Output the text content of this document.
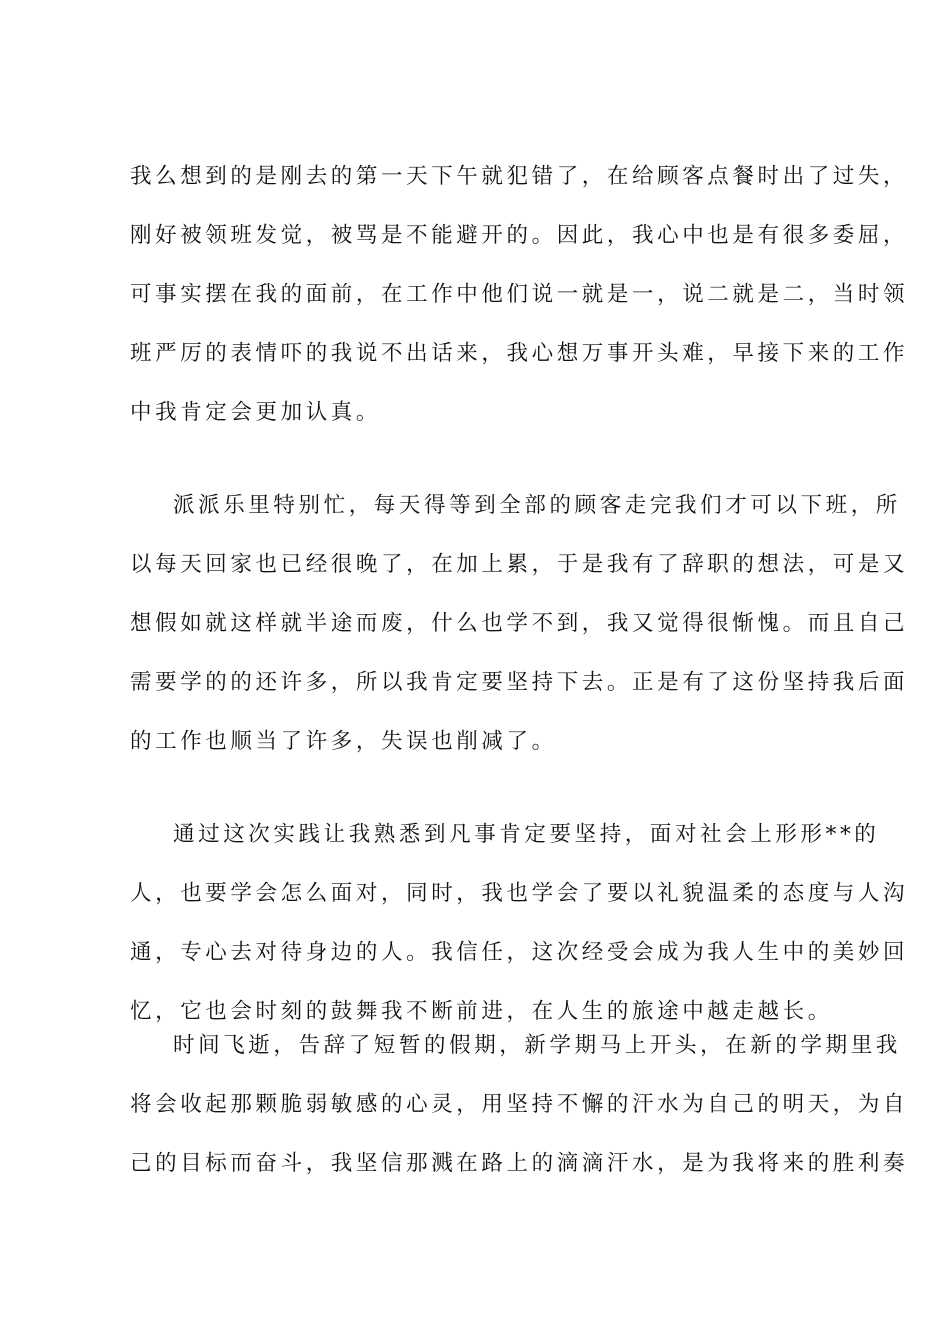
我么想到的是刚去的第一天下午就犯错了，在给顾客点餐时出了过失，
刚好被领班发觉，被骂是不能避开的。因此，我心中也是有很多委屈，
可事实摆在我的面前，在工作中他们说一就是一，说二就是二，当时领
班严厉的表情吓的我说不出话来，我心想万事开头难，早接下来的工作
中我肯定会更加认真。
派派乐里特别忙，每天得等到全部的顾客走完我们才可以下班，所
以每天回家也已经很晚了，在加上累，于是我有了辞职的想法，可是又
想假如就这样就半途而废，什么也学不到，我又觉得很惭愧。而且自己
需要学的的还许多，所以我肯定要坚持下去。正是有了这份坚持我后面
的工作也顺当了许多，失误也削减了。
通过这次实践让我熟悉到凡事肯定要坚持，面对社会上形形**的
人，也要学会怎么面对，同时，我也学会了要以礼貌温柔的态度与人沟
通，专心去对待身边的人。我信任，这次经受会成为我人生中的美妙回
忆，它也会时刻的鼓舞我不断前进，在人生的旅途中越走越长。
时间飞逝，告辞了短暂的假期，新学期马上开头，在新的学期里我
将会收起那颗脆弱敏感的心灵，用坚持不懈的汗水为自己的明天，为自
己的目标而奋斗，我坚信那溅在路上的滴滴汗水，是为我将来的胜利奏
